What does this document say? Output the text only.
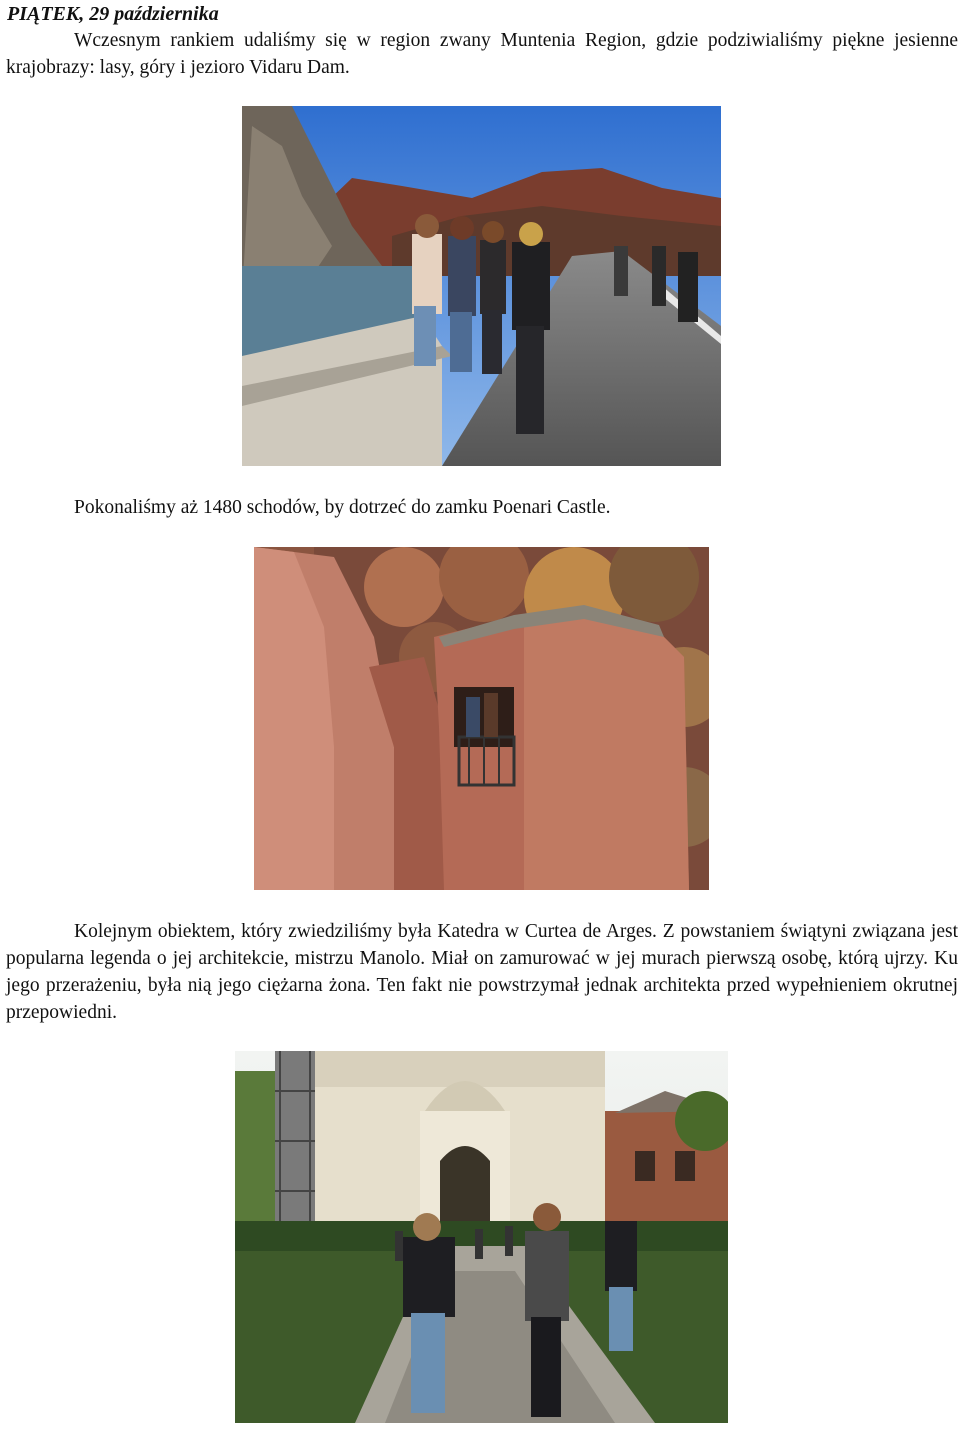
PIĄTEK, 29 października
Wczesnym rankiem udaliśmy się w region zwany Muntenia Region, gdzie podziwialiśmy piękne jesienne krajobrazy: lasy, góry i jezioro Vidaru Dam.
Pokonaliśmy aż 1480 schodów, by dotrzeć do zamku Poenari Castle.
Kolejnym obiektem, który zwiedziliśmy była Katedra w Curtea de Arges. Z powstaniem świątyni związana jest popularna legenda o jej architekcie, mistrzu Manolo. Miał on zamurować w jej murach pierwszą osobę, którą ujrzy. Ku jego przerażeniu, była nią jego ciężarna żona. Ten fakt nie powstrzymał jednak architekta przed wypełnieniem okrutnej przepowiedni.
